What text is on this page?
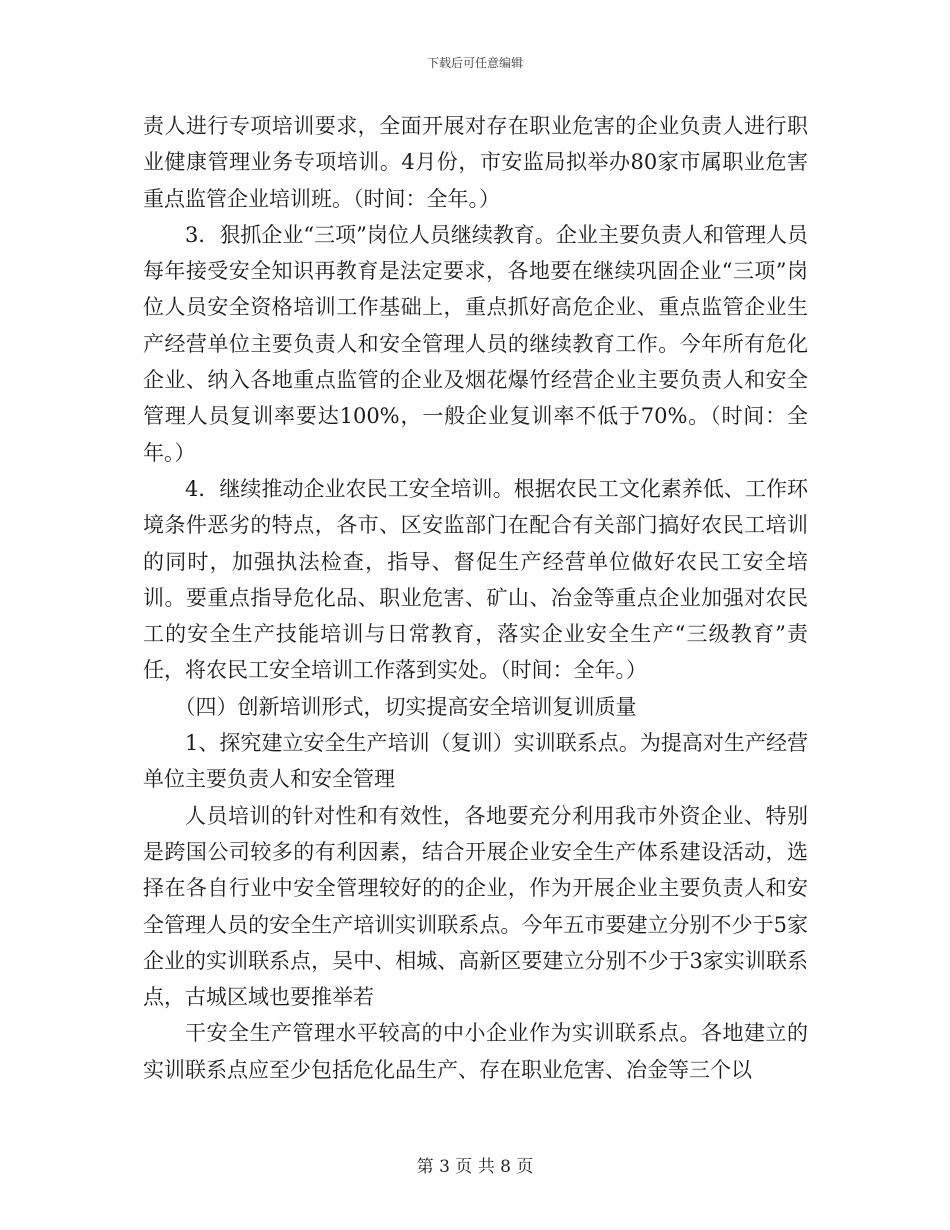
下载后可任意编辑

责人进行专项培训要求，全面开展对存在职业危害的企业负责人进行职业健康管理业务专项培训。4月份，市安监局拟举办80家市属职业危害重点监管企业培训班。（时间：全年。）

3．狠抓企业“三项”岗位人员继续教育。企业主要负责人和管理人员每年接受安全知识再教育是法定要求，各地要在继续巩固企业“三项”岗位人员安全资格培训工作基础上，重点抓好高危企业、重点监管企业生产经营单位主要负责人和安全管理人员的继续教育工作。今年所有危化企业、纳入各地重点监管的企业及烟花爆竹经营企业主要负责人和安全管理人员复训率要达100%，一般企业复训率不低于70%。（时间：全年。）

4．继续推动企业农民工安全培训。根据农民工文化素养低、工作环境条件恶劣的特点，各市、区安监部门在配合有关部门搞好农民工培训的同时，加强执法检查，指导、督促生产经营单位做好农民工安全培训。要重点指导危化品、职业危害、矿山、冶金等重点企业加强对农民工的安全生产技能培训与日常教育，落实企业安全生产“三级教育”责任，将农民工安全培训工作落到实处。（时间：全年。）

（四）创新培训形式，切实提高安全培训复训质量

1、探究建立安全生产培训（复训）实训联系点。为提高对生产经营单位主要负责人和安全管理

人员培训的针对性和有效性，各地要充分利用我市外资企业、特别是跨国公司较多的有利因素，结合开展企业安全生产体系建设活动，选择在各自行业中安全管理较好的的企业，作为开展企业主要负责人和安全管理人员的安全生产培训实训联系点。今年五市要建立分别不少于5家企业的实训联系点，吴中、相城、高新区要建立分别不少于3家实训联系点，古城区域也要推举若

干安全生产管理水平较高的中小企业作为实训联系点。各地建立的实训联系点应至少包括危化品生产、存在职业危害、冶金等三个以

第 3 页 共 8 页
